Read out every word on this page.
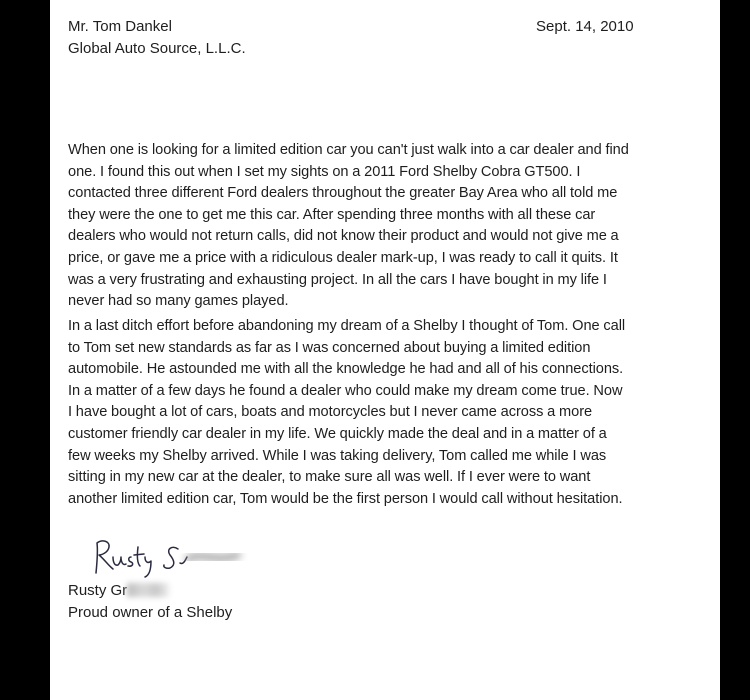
Mr. Tom Dankel
Global Auto Source, L.L.C.
Sept. 14, 2010

When one is looking for a limited edition car you can't just walk into a car dealer and find
one. I found this out when I set my sights on a 2011 Ford Shelby Cobra GT500. I
contacted three different Ford dealers throughout the greater Bay Area who all told me
they were the one to get me this car. After spending three months with all these car
dealers who would not return calls, did not know their product and would not give me a
price, or gave me a price with a ridiculous dealer mark-up, I was ready to call it quits. It
was a very frustrating and exhausting project. In all the cars I have bought in my life I
never had so many games played.

In a last ditch effort before abandoning my dream of a Shelby I thought of Tom. One call
to Tom set new standards as far as I was concerned about buying a limited edition
automobile. He astounded me with all the knowledge he had and all of his connections.
In a matter of a few days he found a dealer who could make my dream come true. Now
I have bought a lot of cars, boats and motorcycles but I never came across a more
customer friendly car dealer in my life. We quickly made the deal and in a matter of a
few weeks my Shelby arrived. While I was taking delivery, Tom called me while I was
sitting in my new car at the dealer, to make sure all was well. If I ever were to want
another limited edition car, Tom would be the first person I would call without hesitation.

Rusty Gr
Proud owner of a Shelby
